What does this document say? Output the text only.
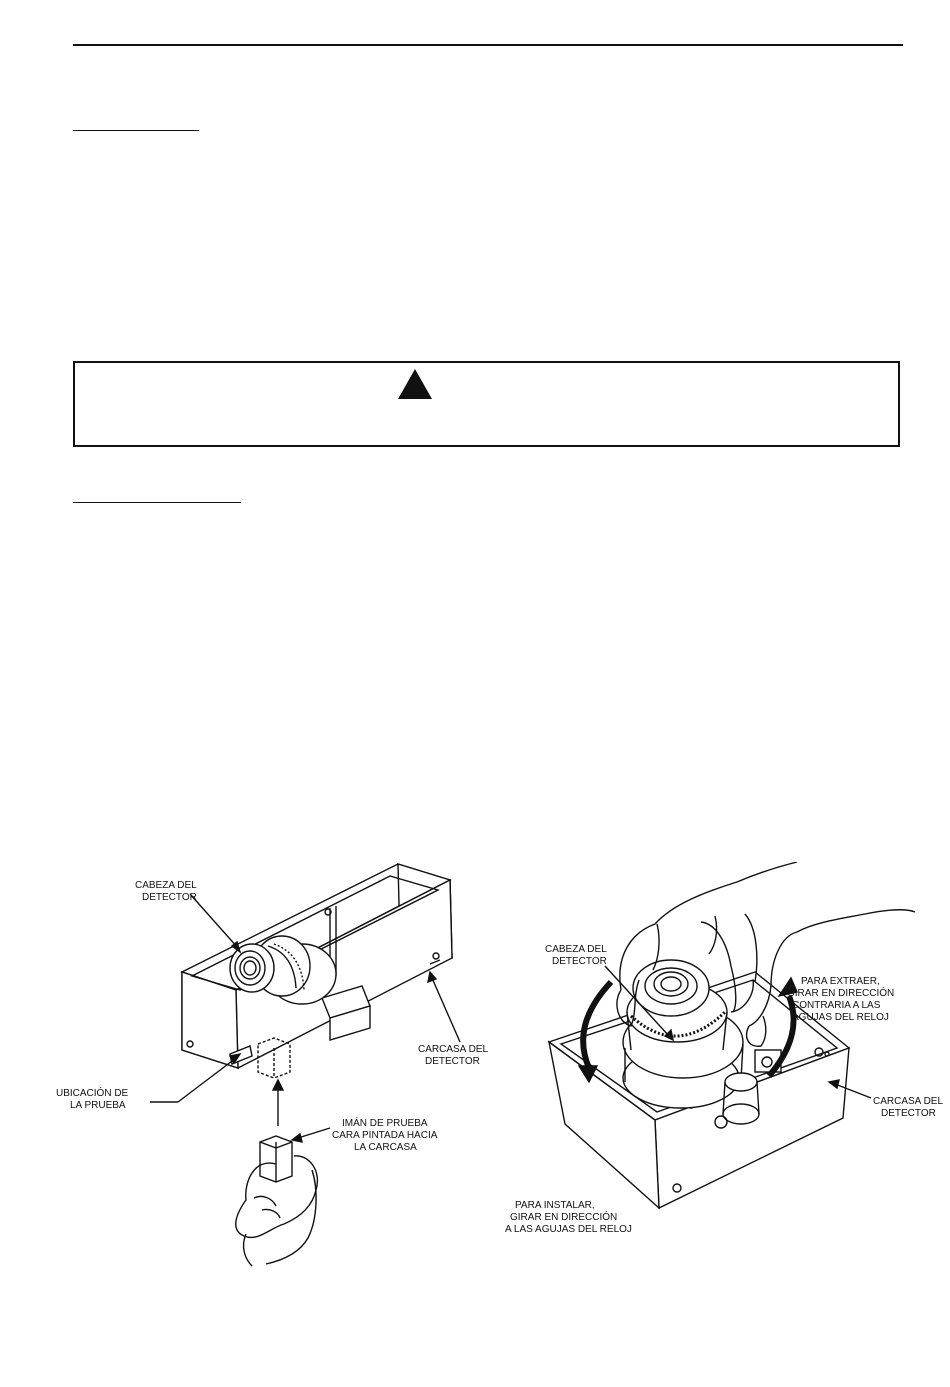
CABEZA DEL
DETECTOR
CARCASA DEL
DETECTOR
UBICACIÓN DE
LA PRUEBA
IMÁN DE PRUEBA
CARA PINTADA HACIA
LA CARCASA
CABEZA DEL
DETECTOR
PARA EXTRAER,
GIRAR EN DIRECCIÓN
CONTRARIA A LAS
AGUJAS DEL RELOJ
CARCASA DEL
DETECTOR
PARA INSTALAR,
GIRAR EN DIRECCIÓN
A LAS AGUJAS DEL RELOJ
